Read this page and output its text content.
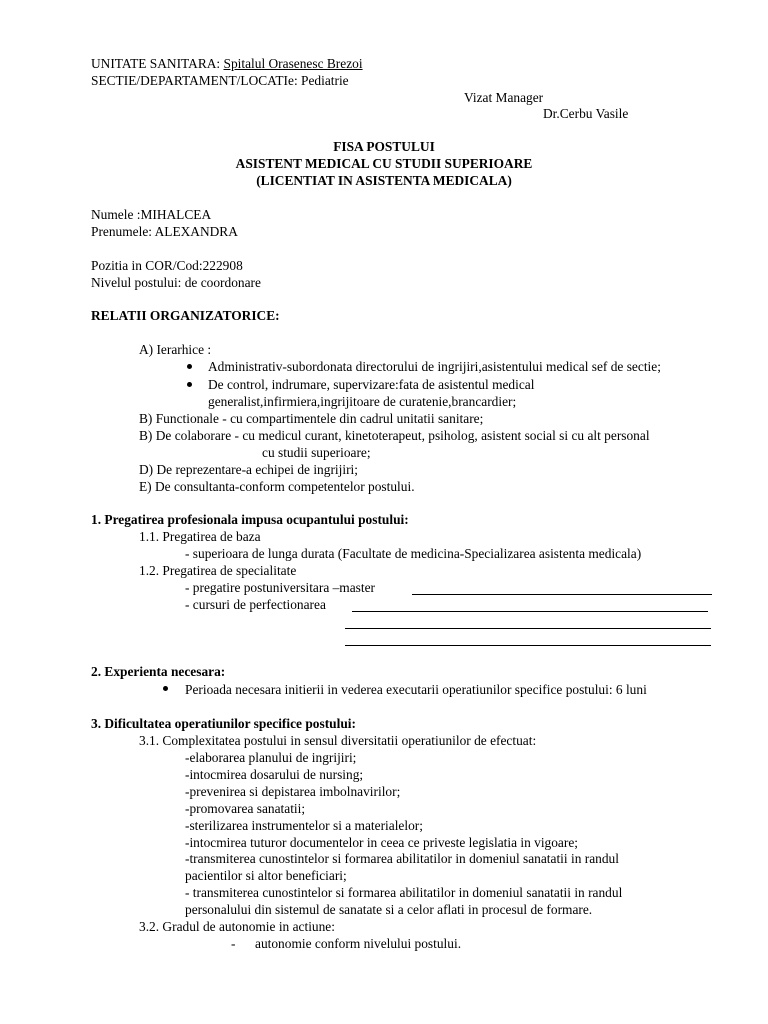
UNITATE SANITARA: Spitalul Orasenesc Brezoi
SECTIE/DEPARTAMENT/LOCATIe: Pediatrie
Vizat Manager
Dr.Cerbu Vasile
FISA POSTULUI
ASISTENT MEDICAL CU STUDII SUPERIOARE
(LICENTIAT IN ASISTENTA MEDICALA)
Numele :MIHALCEA
Prenumele: ALEXANDRA
Pozitia in COR/Cod:222908
Nivelul postului: de coordonare
RELATII ORGANIZATORICE:
A) Ierarhice :
Administrativ-subordonata directorului de ingrijiri,asistentului medical sef de sectie;
De control, indrumare, supervizare:fata de asistentul medical
generalist,infirmiera,ingrijitoare de curatenie,brancardier;
B) Functionale - cu compartimentele din cadrul unitatii sanitare;
B) De colaborare - cu medicul curant, kinetoterapeut, psiholog, asistent social si cu alt personal
cu studii superioare;
D) De reprezentare-a echipei de ingrijiri;
E) De consultanta-conform competentelor postului.
1. Pregatirea profesionala impusa ocupantului postului:
1.1. Pregatirea de baza
- superioara de lunga durata (Facultate de medicina-Specializarea asistenta medicala)
1.2. Pregatirea de specialitate
- pregatire postuniversitara –master
- cursuri de perfectionarea
2. Experienta necesara:
Perioada necesara initierii in vederea executarii operatiunilor specifice postului: 6 luni
3. Dificultatea operatiunilor specifice postului:
3.1. Complexitatea postului in sensul diversitatii operatiunilor de efectuat:
-elaborarea planului de ingrijiri;
-intocmirea dosarului de nursing;
-prevenirea si depistarea imbolnavirilor;
-promovarea sanatatii;
-sterilizarea instrumentelor si a materialelor;
-intocmirea tuturor documentelor in ceea ce priveste legislatia in vigoare;
-transmiterea cunostintelor si formarea abilitatilor in domeniul sanatatii in randul
pacientilor si altor beneficiari;
- transmiterea cunostintelor si formarea abilitatilor in domeniul sanatatii in randul
personalului din sistemul de sanatate si a celor aflati in procesul de formare.
3.2. Gradul de autonomie in actiune:
- autonomie conform nivelului postului.
